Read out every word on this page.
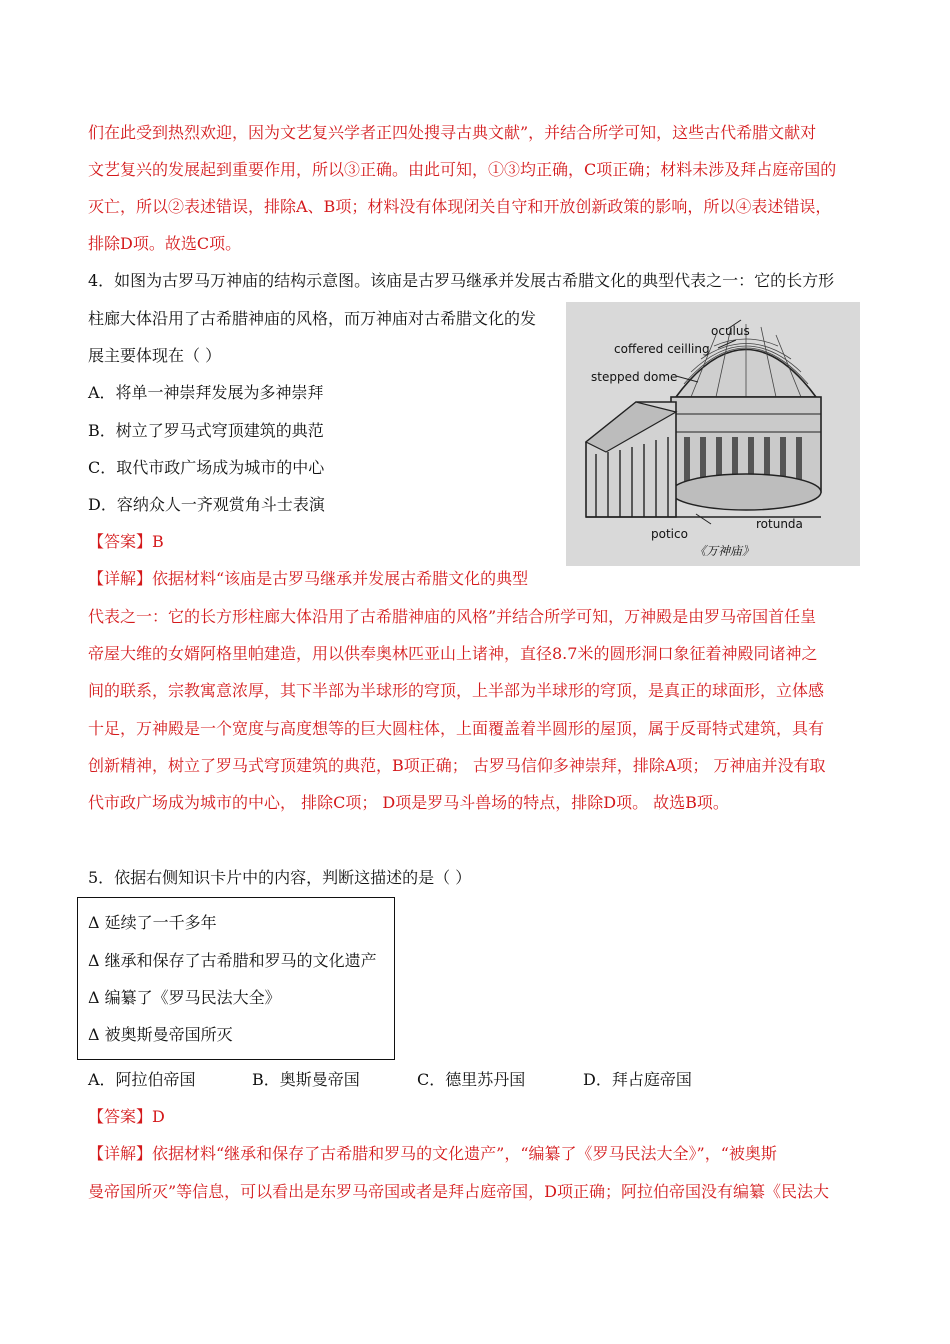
们在此受到热烈欢迎，因为文艺复兴学者正四处搜寻古典文献”，并结合所学可知，这些古代希腊文献对
文艺复兴的发展起到重要作用，所以③正确。由此可知，①③均正确，C项正确；材料未涉及拜占庭帝国的
灭亡，所以②表述错误，排除A、B项；材料没有体现闭关自守和开放创新政策的影响，所以④表述错误，
排除D项。故选C项。
4．如图为古罗马万神庙的结构示意图。该庙是古罗马继承并发展古希腊文化的典型代表之一：它的长方形
柱廊大体沿用了古希腊神庙的风格，而万神庙对古希腊文化的发
展主要体现在（ ）
A．将单一神崇拜发展为多神崇拜
B．树立了罗马式穹顶建筑的典范
C．取代市政广场成为城市的中心
D．容纳众人一齐观赏角斗士表演
【答案】B
oculus
coffered ceilling
stepped dome
potico
rotunda
《万神庙》
【详解】依据材料“该庙是古罗马继承并发展古希腊文化的典型
代表之一：它的长方形柱廊大体沿用了古希腊神庙的风格”并结合所学可知，万神殿是由罗马帝国首任皇
帝屋大维的女婿阿格里帕建造，用以供奉奥林匹亚山上诸神，直径8.7米的圆形洞口象征着神殿同诸神之
间的联系，宗教寓意浓厚，其下半部为半球形的穹顶，上半部为半球形的穹顶，是真正的球面形，立体感
十足，万神殿是一个宽度与高度想等的巨大圆柱体，上面覆盖着半圆形的屋顶，属于反哥特式建筑，具有
创新精神，树立了罗马式穹顶建筑的典范，B项正确； 古罗马信仰多神崇拜，排除A项； 万神庙并没有取
代市政广场成为城市的中心， 排除C项； D项是罗马斗兽场的特点，排除D项。 故选B项。
5．依据右侧知识卡片中的内容，判断这描述的是（ ）
Δ 延续了一千多年
Δ 继承和保存了古希腊和罗马的文化遗产
Δ 编纂了《罗马民法大全》
Δ 被奥斯曼帝国所灭
A．阿拉伯帝国	B．奥斯曼帝国	C．德里苏丹国	D．拜占庭帝国
【答案】D
【详解】依据材料“继承和保存了古希腊和罗马的文化遗产”，“编纂了《罗马民法大全》”，“被奥斯
曼帝国所灭”等信息，可以看出是东罗马帝国或者是拜占庭帝国，D项正确；阿拉伯帝国没有编纂《民法大
